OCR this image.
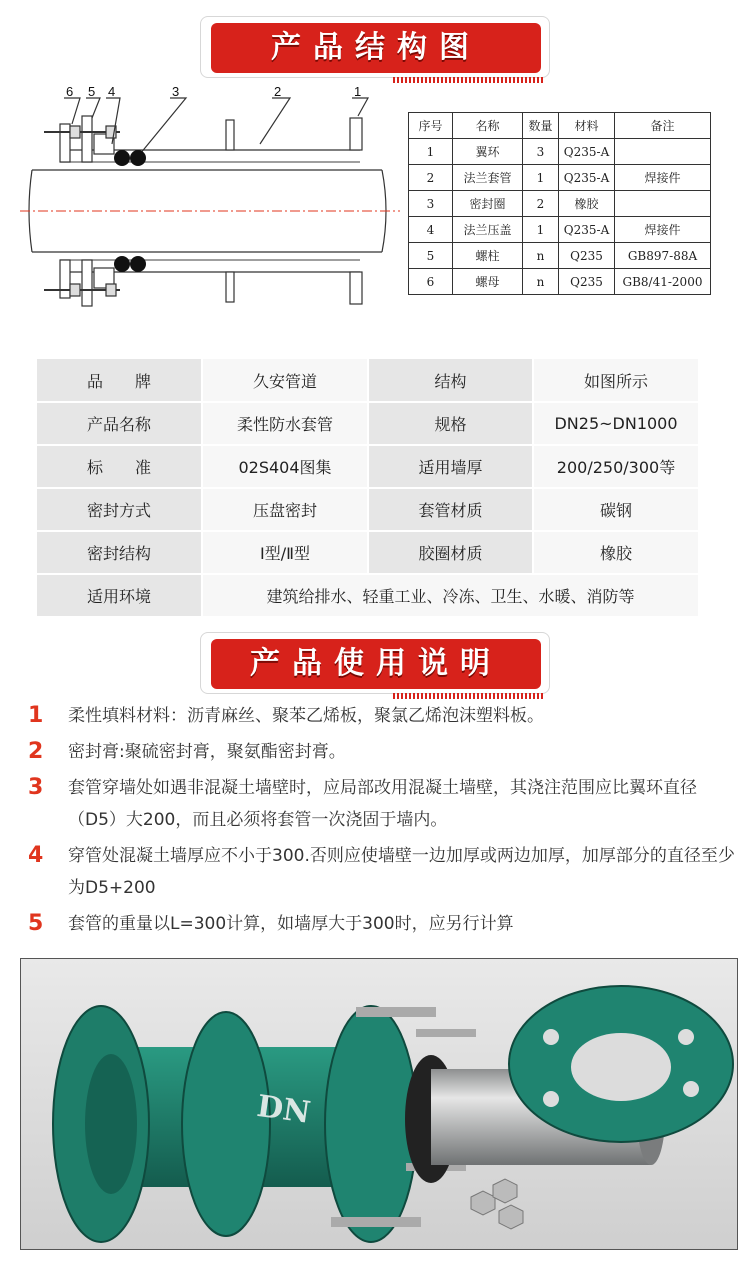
产品结构图
6 5 4	3	2	1
序号	名称	数量	材料	备注
1	翼环	3	Q235-A	
2	法兰套管	1	Q235-A	焊接件
3	密封圈	2	橡胶	
4	法兰压盖	1	Q235-A	焊接件
5	螺柱	n	Q235	GB897-88A
6	螺母	n	Q235	GB8/41-2000
品　　牌	久安管道	结构	如图所示
产品名称	柔性防水套管	规格	DN25~DN1000
标　　准	02S404图集	适用墙厚	200/250/300等
密封方式	压盘密封	套管材质	碳钢
密封结构	Ⅰ型/Ⅱ型	胶圈材质	橡胶
适用环境	建筑给排水、轻重工业、冷冻、卫生、水暖、消防等		
产品使用说明
1 柔性填料材料：沥青麻丝、聚苯乙烯板，聚氯乙烯泡沫塑料板。
2 密封膏:聚硫密封膏，聚氨酯密封膏。
3 套管穿墙处如遇非混凝土墙壁时，应局部改用混凝土墙壁，其浇注范围应比翼环直径（D5）大200，而且必须将套管一次浇固于墙内。
4 穿管处混凝土墙厚应不小于300.否则应使墙壁一边加厚或两边加厚，加厚部分的直径至少为D5+200
5 套管的重量以L=300计算，如墙厚大于300时，应另行计算
DN
